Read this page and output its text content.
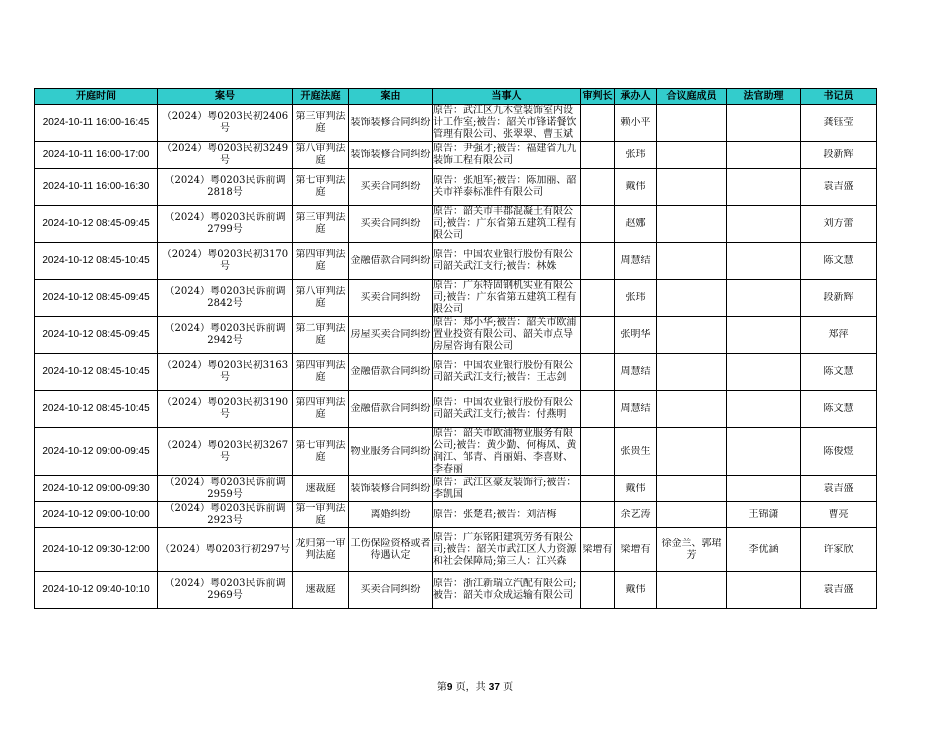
开庭时间	案号	开庭法庭	案由	当事人	审判长	承办人	合议庭成员	法官助理	书记员

2024-10-11 16:00-16:45	（2024）粤0203民初2406号	第三审判法庭	装饰装修合同纠纷	原告：武江区九木堂装饰室内设计工作室;被告：韶关市锋诺餐饮管理有限公司、张翠翠、曹玉斌		赖小平			龚钰莹

2024-10-11 16:00-17:00	（2024）粤0203民初3249号	第八审判法庭	装饰装修合同纠纷	原告：尹强才;被告：福建省九九装饰工程有限公司		张玮			段新辉

2024-10-11 16:00-16:30	（2024）粤0203民诉前调2818号	第七审判法庭	买卖合同纠纷	原告：张旭军;被告：陈加丽、韶关市祥泰标准件有限公司		戴伟			袁吉盛

2024-10-12 08:45-09:45	（2024）粤0203民诉前调2799号	第三审判法庭	买卖合同纠纷	原告：韶关市丰郡混凝土有限公司;被告：广东省第五建筑工程有限公司		赵娜			刘方蕾

2024-10-12 08:45-10:45	（2024）粤0203民初3170号	第四审判法庭	金融借款合同纠纷	原告：中国农业银行股份有限公司韶关武江支行;被告：林姝		周慧结			陈文慧

2024-10-12 08:45-09:45	（2024）粤0203民诉前调2842号	第八审判法庭	买卖合同纠纷	原告：广东特固钢机实业有限公司;被告：广东省第五建筑工程有限公司		张玮			段新辉

2024-10-12 08:45-09:45	（2024）粤0203民诉前调2942号	第二审判法庭	房屋买卖合同纠纷	原告：郑小华;被告：韶关市欧浦置业投资有限公司、韶关市点导房屋咨询有限公司		张明华			郑萍

2024-10-12 08:45-10:45	（2024）粤0203民初3163号	第四审判法庭	金融借款合同纠纷	原告：中国农业银行股份有限公司韶关武江支行;被告：王志剑		周慧结			陈文慧

2024-10-12 08:45-10:45	（2024）粤0203民初3190号	第四审判法庭	金融借款合同纠纷	原告：中国农业银行股份有限公司韶关武江支行;被告：付燕明		周慧结			陈文慧

2024-10-12 09:00-09:45	（2024）粤0203民初3267号	第七审判法庭	物业服务合同纠纷	原告：韶关市欧浦物业服务有限公司;被告：黄少勤、何梅凤、黄润江、邹青、肖丽娟、李喜财、李春丽		张贵生			陈俊煜

2024-10-12 09:00-09:30	（2024）粤0203民诉前调2959号	速裁庭	装饰装修合同纠纷	原告：武江区豪友装饰行;被告：李凯国		戴伟			袁吉盛

2024-10-12 09:00-10:00	（2024）粤0203民诉前调2923号	第一审判法庭	离婚纠纷	原告：张楚君;被告：刘洁梅		余艺涛		王锦潇	曹亮

2024-10-12 09:30-12:00	（2024）粤0203行初297号	龙归第一审判法庭	工伤保险资格或者待遇认定	原告：广东铭阳建筑劳务有限公司;被告：韶关市武江区人力资源和社会保障局;第三人：江兴森	梁增有	梁增有	徐金兰、郭珺芳	李优涵	许家欣

2024-10-12 09:40-10:10	（2024）粤0203民诉前调2969号	速裁庭	买卖合同纠纷	原告：浙江新瑞立汽配有限公司;被告：韶关市众成运输有限公司		戴伟			袁吉盛
第9 页，共 37 页
